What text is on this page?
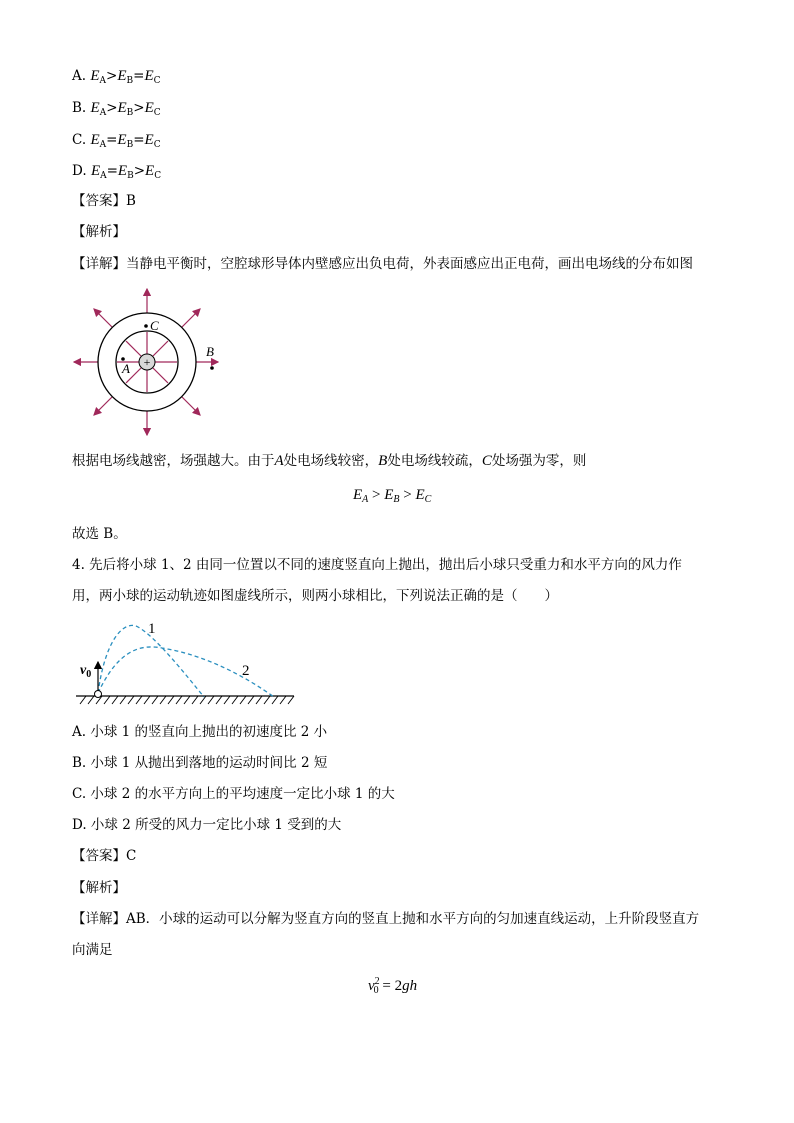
A. $E_A>E_B=E_C$
B. $E_A>E_B>E_C$
C. $E_A=E_B=E_C$
D. $E_A=E_B>E_C$
【答案】B
【解析】
【详解】当静电平衡时，空腔球形导体内壁感应出负电荷，外表面感应出正电荷，画出电场线的分布如图
+
A
C
B
根据电场线越密，场强越大。由于A处电场线较密，B处电场线较疏，C处场强为零，则
$E_A > E_B > E_C$
故选 B。
4. 先后将小球 1、2 由同一位置以不同的速度竖直向上抛出，抛出后小球只受重力和水平方向的风力作
用，两小球的运动轨迹如图虚线所示，则两小球相比，下列说法正确的是（　　）
$v_0$
1
2
A. 小球 1 的竖直向上抛出的初速度比 2 小
B. 小球 1 从抛出到落地的运动时间比 2 短
C. 小球 2 的水平方向上的平均速度一定比小球 1 的大
D. 小球 2 所受的风力一定比小球 1 受到的大
【答案】C
【解析】
【详解】AB．小球的运动可以分解为竖直方向的竖直上抛和水平方向的匀加速直线运动，上升阶段竖直方
向满足
$v^2_0 = 2gh$
